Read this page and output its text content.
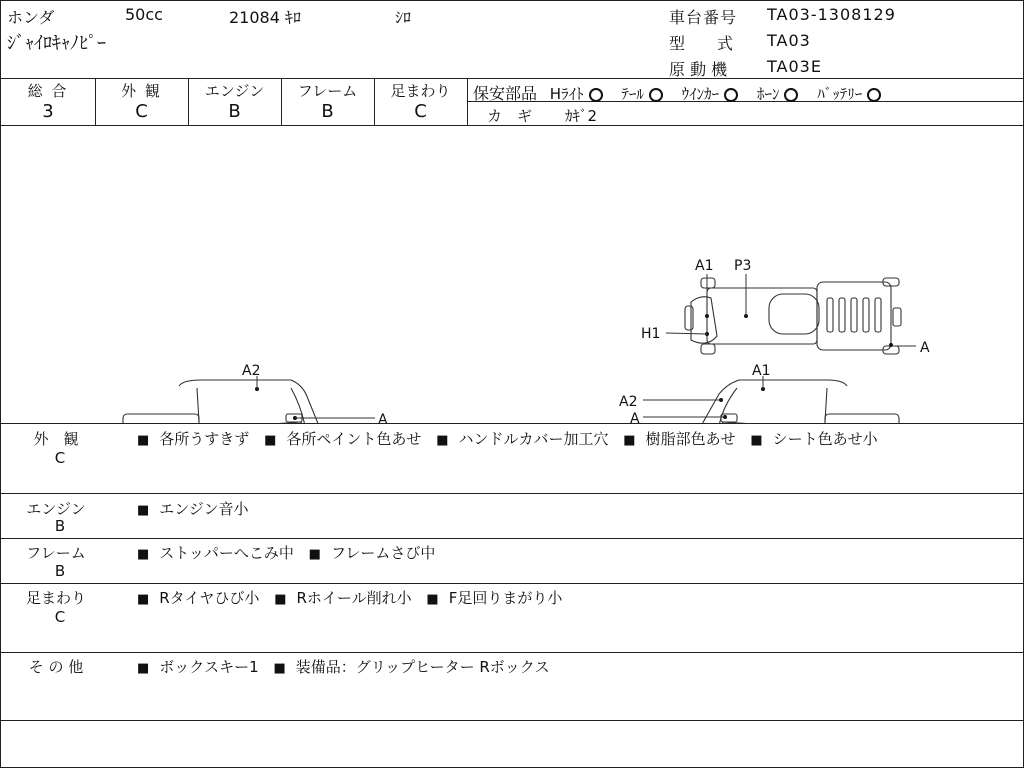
ホンダ	50cc	21084 ｷﾛ	ｼﾛ
ｼﾞｬｲﾛｷｬﾉﾋﾟｰ
車台番号 TA03-1308129
型　　式 TA03
原 動 機 TA03E
総 合	外 観	エンジン	フレーム	足まわり
3	C	B	B	C
保安部品 Hﾗｲﾄ	ﾃｰﾙ	ｳｲﾝｶｰ	ﾎｰﾝ	ﾊﾞｯﾃﾘｰ
カ　ギ ｶｷﾞ2
A1 P3
H1
A
A2
A
A1
A2
A
外　観
C
■ 各所うすきず ■ 各所ペイント色あせ ■ ハンドルカバー加工穴 ■ 樹脂部色あせ ■ シート色あせ小
エンジン
B
■ エンジン音小
フレーム
B
■ ストッパーへこみ中 ■ フレームさび中
足まわり
C
■ Rタイヤひび小 ■ Rホイール削れ小 ■ F足回りまがり小
そ の 他	■ ボックスキー1 ■ 装備品：グリップヒーター Rボックス
